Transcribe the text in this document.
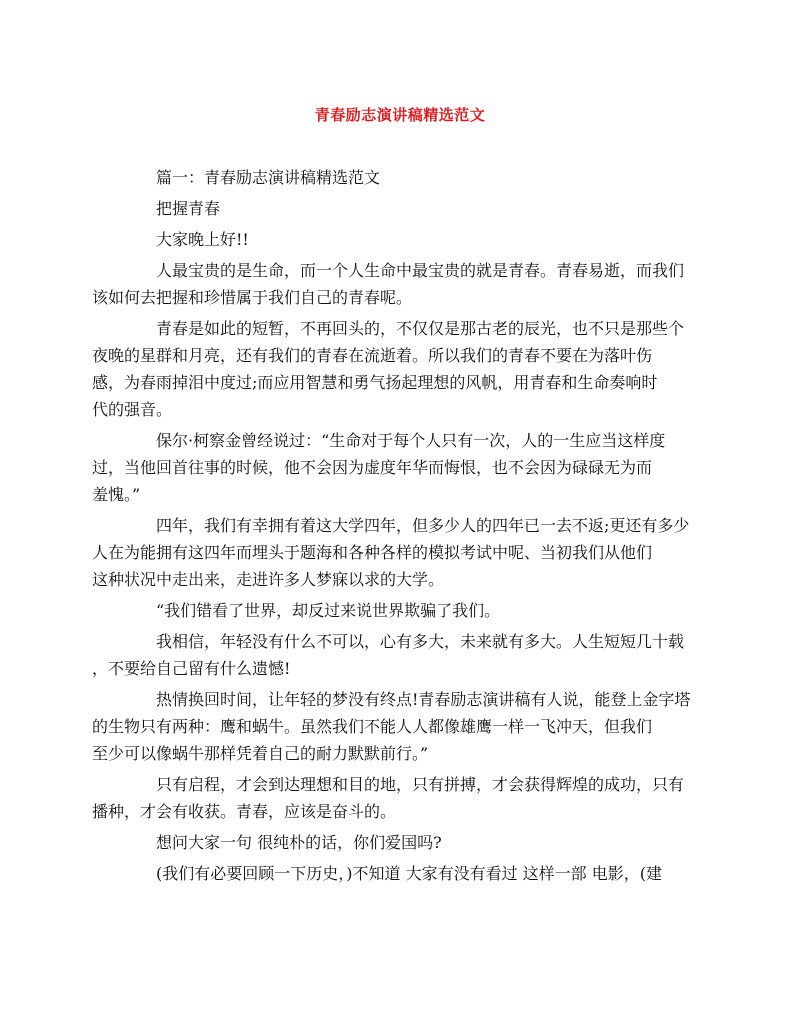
青春励志演讲稿精选范文
篇一：青春励志演讲稿精选范文
把握青春
大家晚上好!!
人最宝贵的是生命，而一个人生命中最宝贵的就是青春。青春易逝，而我们
该如何去把握和珍惜属于我们自己的青春呢。
青春是如此的短暂，不再回头的，不仅仅是那古老的辰光，也不只是那些个
夜晚的星群和月亮，还有我们的青春在流逝着。所以我们的青春不要在为落叶伤
感，为春雨掉泪中度过;而应用智慧和勇气扬起理想的风帆，用青春和生命奏响时
代的强音。
保尔·柯察金曾经说过：“生命对于每个人只有一次，人的一生应当这样度
过，当他回首往事的时候，他不会因为虚度年华而悔恨，也不会因为碌碌无为而
羞愧。”
四年，我们有幸拥有着这大学四年，但多少人的四年已一去不返;更还有多少
人在为能拥有这四年而埋头于题海和各种各样的模拟考试中呢、当初我们从他们
这种状况中走出来，走进许多人梦寐以求的大学。
“我们错看了世界，却反过来说世界欺骗了我们。
我相信，年轻没有什么不可以，心有多大，未来就有多大。人生短短几十载
，不要给自己留有什么遗憾!
热情换回时间，让年轻的梦没有终点!青春励志演讲稿有人说，能登上金字塔
的生物只有两种：鹰和蜗牛。虽然我们不能人人都像雄鹰一样一飞冲天，但我们
至少可以像蜗牛那样凭着自己的耐力默默前行。”
只有启程，才会到达理想和目的地，只有拼搏，才会获得辉煌的成功，只有
播种，才会有收获。青春，应该是奋斗的。
想问大家一句 很纯朴的话，你们爱国吗?
(我们有必要回顾一下历史，)不知道 大家有没有看过 这样一部 电影，(建
